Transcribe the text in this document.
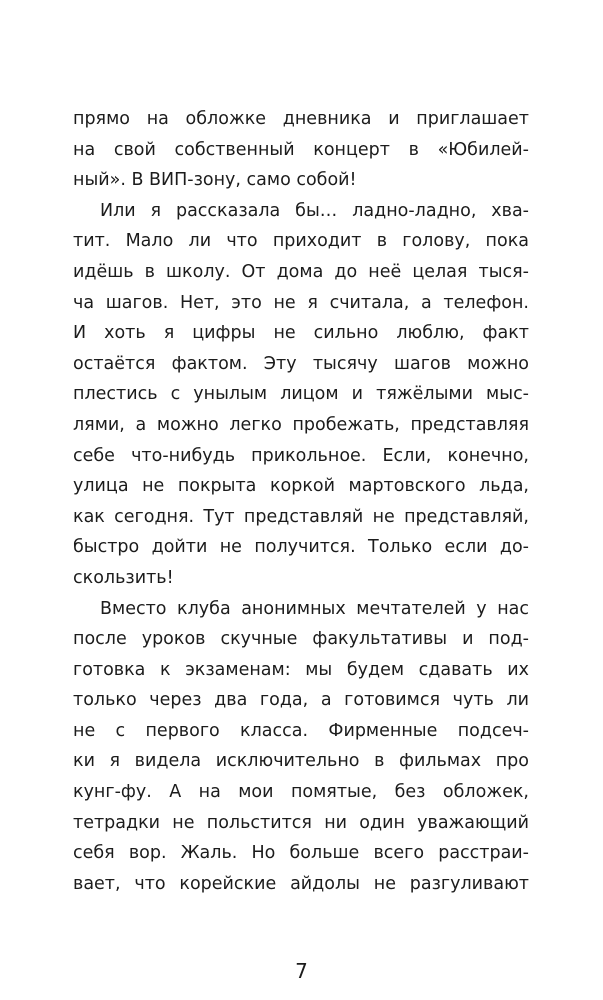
прямо на обложке дневника и приглашает
на свой собственный концерт в «Юбилей-
ный». В ВИП-зону, само собой!
Или я рассказала бы… ладно-ладно, хва-
тит. Мало ли что приходит в голову, пока
идёшь в школу. От дома до неё целая тыся-
ча шагов. Нет, это не я считала, а телефон.
И хоть я цифры не сильно люблю, факт
остаётся фактом. Эту тысячу шагов можно
плестись с унылым лицом и тяжёлыми мыс-
лями, а можно легко пробежать, представляя
себе что-нибудь прикольное. Если, конечно,
улица не покрыта коркой мартовского льда,
как сегодня. Тут представляй не представляй,
быстро дойти не получится. Только если до-
скользить!
Вместо клуба анонимных мечтателей у нас
после уроков скучные факультативы и под-
готовка к экзаменам: мы будем сдавать их
только через два года, а готовимся чуть ли
не с первого класса. Фирменные подсеч-
ки я видела исключительно в фильмах про
кунг-фу. А на мои помятые, без обложек,
тетрадки не польстится ни один уважающий
себя вор. Жаль. Но больше всего расстраи-
вает, что корейские айдолы не разгуливают
7
